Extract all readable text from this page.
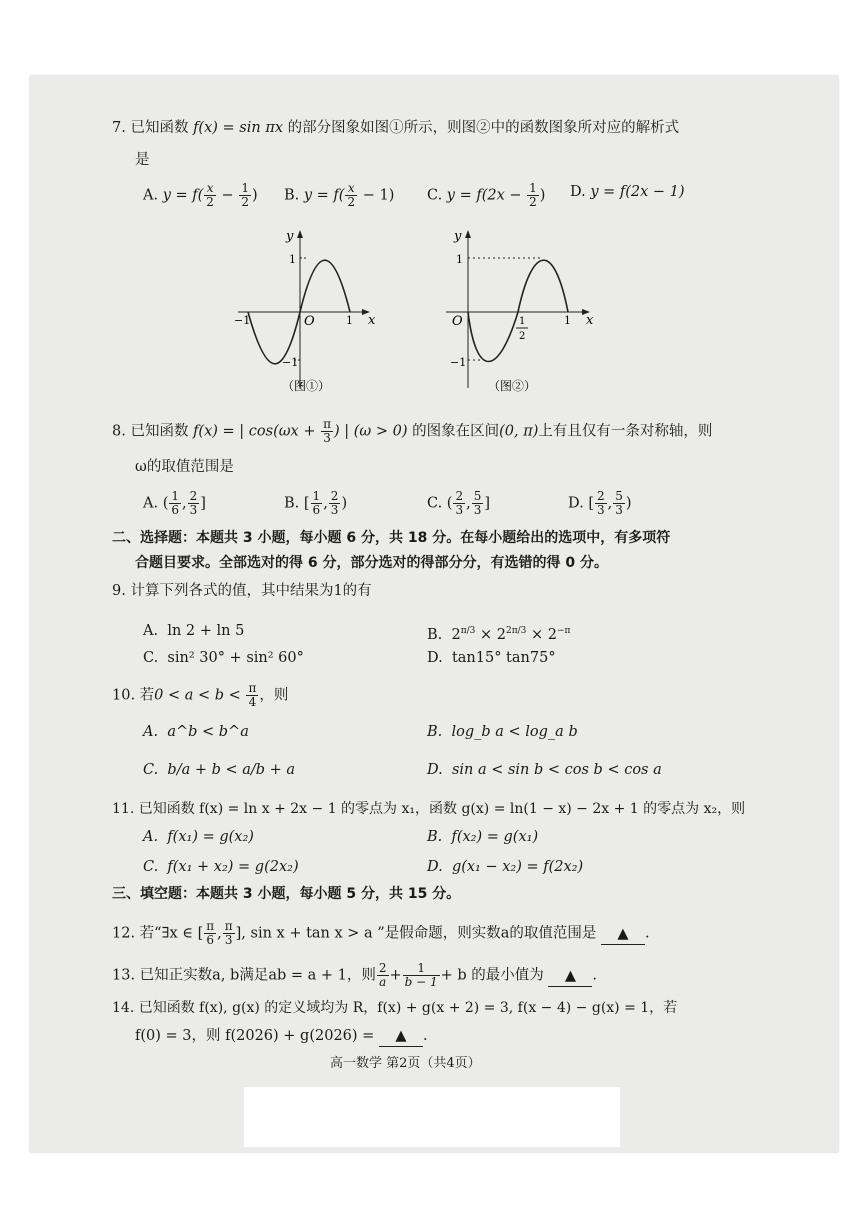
7. 已知函数 f(x) = sin πx 的部分图象如图①所示，则图②中的函数图象所对应的解析式
是
A. $y = f( \frac{x}{2} - \frac{1}{2}$ ) B. $y = f( \frac{x}{2} - 1)$ C. $y = f(2x - \frac{1}{2}$ ) D. y = f(2x − 1)
y
x
O
1
−1
−1	1
（图①）
y
x
O
1
−1
1
1
2
（图②）
8. 已知函数 f(x) = | $\cos(\omega x + \frac{\pi}{3}$ ) | (ω > 0) 的图象在区间(0, π)上有且仅有一条对称轴，则
ω的取值范围是
A. ( $\frac{1}{6}$ , $\frac{2}{3}$ ]	B. [ $\frac{1}{6}$ , $\frac{2}{3}$ )	C. ( $\frac{2}{3}$ , $\frac{5}{3}$ ]	D. [ $\frac{2}{3}$ , $\frac{5}{3}$ )
二、选择题：本题共 3 小题，每小题 6 分，共 18 分。在每小题给出的选项中，有多项符
合题目要求。全部选对的得 6 分，部分选对的得部分分，有选错的得 0 分。
9. 计算下列各式的值，其中结果为1的有
A.  ln 2 + ln 5	B.  $2^{\pi/3} \times 2^{2\pi/3} \times 2^{-\pi}$
C.  sin² 30° + sin² 60°	D.  tan15° tan75°
10. 若$0 < a < b < \frac{\pi}{4}$ ，则
A.  a^b < b^a	B.  log_b a < log_a b
C.  b/a + b < a/b + a	D.  sin a < sin b < cos b < cos a
11. 已知函数 f(x) = ln x + 2x − 1 的零点为 x₁，函数 g(x) = ln(1 − x) − 2x + 1 的零点为 x₂，则
A.  f(x₁) = g(x₂)	B.  f(x₂) = g(x₁)
C.  f(x₁ + x₂) = g(2x₂)	D.  g(x₁ − x₂) = f(2x₂)
三、填空题：本题共 3 小题，每小题 5 分，共 15 分。
12. 若“∃x ∈ [ $\frac{\pi}{6}$ , $\frac{\pi}{3}$ ], sin x + tan x > a ”是假命题，则实数a的取值范围是 ▲ .
13. 已知正实数a, b满足ab = a + 1，则 $\frac{2}{a} + \frac{1}{b - 1} + b$ 的最小值为 ▲ .
14. 已知函数 f(x), g(x) 的定义域均为 R，f(x) + g(x + 2) = 3, f(x − 4) − g(x) = 1，若
f(0) = 3，则 f(2026) + g(2026) = ▲ .
高一数学 第2页（共4页）
